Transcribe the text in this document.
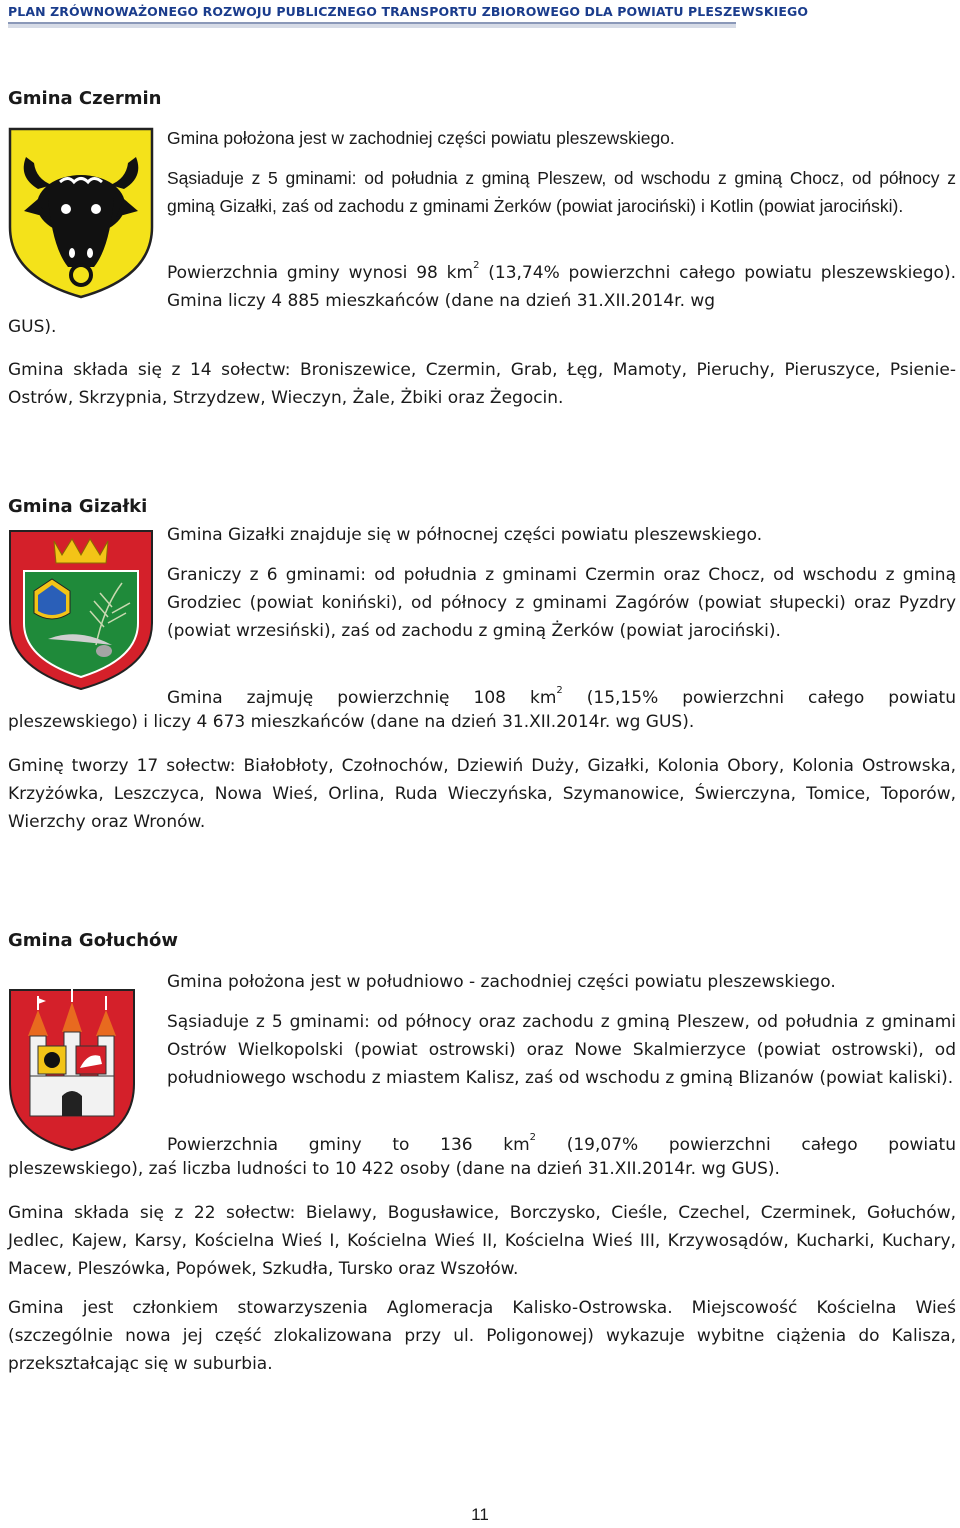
PLAN ZRÓWNOWAŻONEGO ROZWOJU PUBLICZNEGO TRANSPORTU ZBIOROWEGO DLA POWIATU PLESZEWSKIEGO
Gmina Czermin

Gmina położona jest w zachodniej części powiatu pleszewskiego.

Sąsiaduje z 5 gminami: od południa z gminą Pleszew, od wschodu z gminą Chocz, od północy z gminą Gizałki, zaś od zachodu z gminami Żerków (powiat jarociński) i Kotlin (powiat jarociński).

Powierzchnia gminy wynosi 98 $km^2$ (13,74% powierzchni całego powiatu pleszewskiego). Gmina liczy 4 885 mieszkańców (dane na dzień 31.XII.2014r. wg

GUS).

Gmina składa się z 14 sołectw: Broniszewice, Czermin, Grab, Łęg, Mamoty, Pieruchy, Pieruszyce, Psienie-Ostrów, Skrzypnia, Strzydzew, Wieczyn, Żale, Żbiki oraz Żegocin.

Gmina Gizałki

Gmina Gizałki znajduje się w północnej części powiatu pleszewskiego.

Graniczy z 6 gminami: od południa z gminami Czermin oraz Chocz, od wschodu z gminą Grodziec (powiat koniński), od północy z gminami Zagórów (powiat słupecki) oraz Pyzdry (powiat wrzesiński), zaś od zachodu z gminą Żerków (powiat jarociński).

Gmina zajmuję powierzchnię 108 $km^2$ (15,15% powierzchni całego powiatu

pleszewskiego) i liczy 4 673 mieszkańców (dane na dzień 31.XII.2014r. wg GUS).

Gminę tworzy 17 sołectw: Białobłoty, Czołnochów, Dziewiń Duży, Gizałki, Kolonia Obory, Kolonia Ostrowska, Krzyżówka, Leszczyca, Nowa Wieś, Orlina, Ruda Wieczyńska, Szymanowice, Świerczyna, Tomice, Toporów, Wierzchy oraz Wronów.

Gmina Gołuchów

Gmina położona jest w południowo - zachodniej części powiatu pleszewskiego.

Sąsiaduje z 5 gminami: od północy oraz zachodu z gminą Pleszew, od południa z gminami Ostrów Wielkopolski (powiat ostrowski) oraz Nowe Skalmierzyce (powiat ostrowski), od południowego wschodu z miastem Kalisz, zaś od wschodu z gminą Blizanów (powiat kaliski).

Powierzchnia gminy to 136 $km^2$ (19,07% powierzchni całego powiatu

pleszewskiego), zaś liczba ludności to 10 422 osoby (dane na dzień 31.XII.2014r. wg GUS).

Gmina składa się z 22 sołectw: Bielawy, Bogusławice, Borczysko, Cieśle, Czechel, Czerminek, Gołuchów, Jedlec, Kajew, Karsy, Kościelna Wieś I, Kościelna Wieś II, Kościelna Wieś III, Krzywosądów, Kucharki, Kuchary, Macew, Pleszówka, Popówek, Szkudła, Tursko oraz Wszołów.

Gmina jest członkiem stowarzyszenia Aglomeracja Kalisko-Ostrowska. Miejscowość Kościelna Wieś (szczególnie nowa jej część zlokalizowana przy ul. Poligonowej) wykazuje wybitne ciążenia do Kalisza, przekształcając się w suburbia.

11
